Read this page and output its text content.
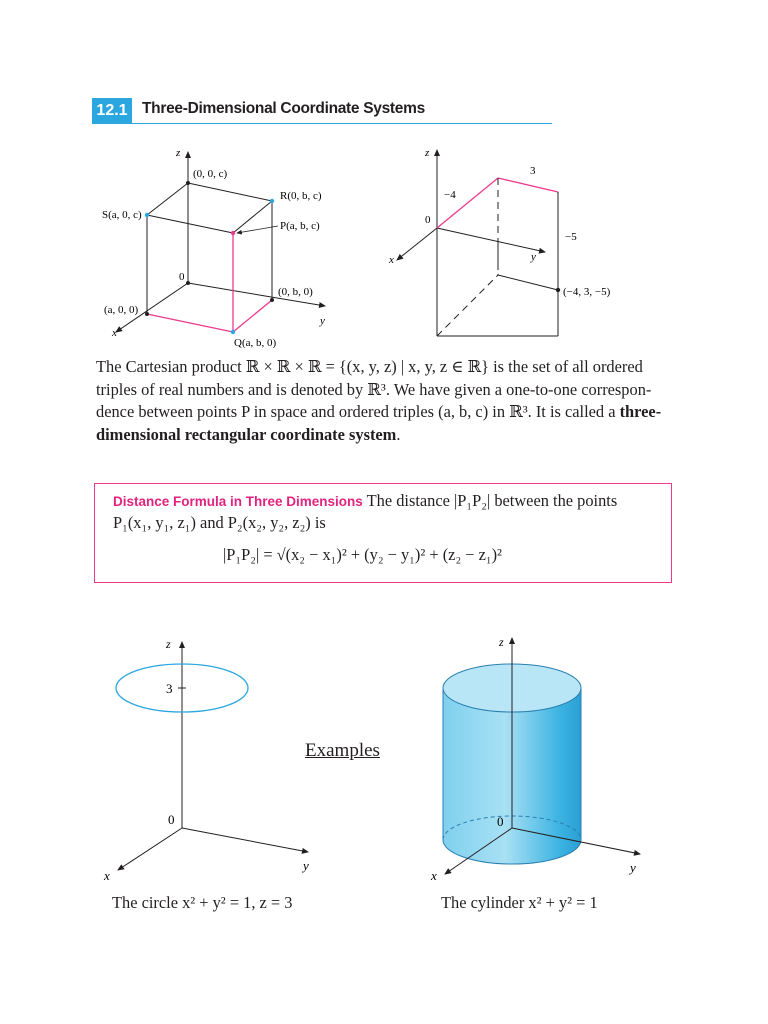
12.1 Three-Dimensional Coordinate Systems
z
(0, 0, c)
R(0, b, c)
S(a, 0, c)
P(a, b, c)
0
(0, b, 0)
(a, 0, 0)
y
x
Q(a, b, 0)
z
−4
3
−5
0
y
x
(−4, 3, −5)
The Cartesian product ℝ × ℝ × ℝ = {(x, y, z) | x, y, z ∈ ℝ} is the set of all ordered
triples of real numbers and is denoted by ℝ³. We have given a one-to-one correspon-
dence between points P in space and ordered triples (a, b, c) in ℝ³. It is called a three-
dimensional rectangular coordinate system.
Distance Formula in Three Dimensions The distance |P₁P₂| between the points
P₁(x₁, y₁, z₁) and P₂(x₂, y₂, z₂) is
|P₁P₂| = √(x₂ − x₁)² + (y₂ − y₁)² + (z₂ − z₁)²
Examples
z
3
0
y
x
The circle x² + y² = 1, z = 3
z
0
y
x
The cylinder x² + y² = 1
